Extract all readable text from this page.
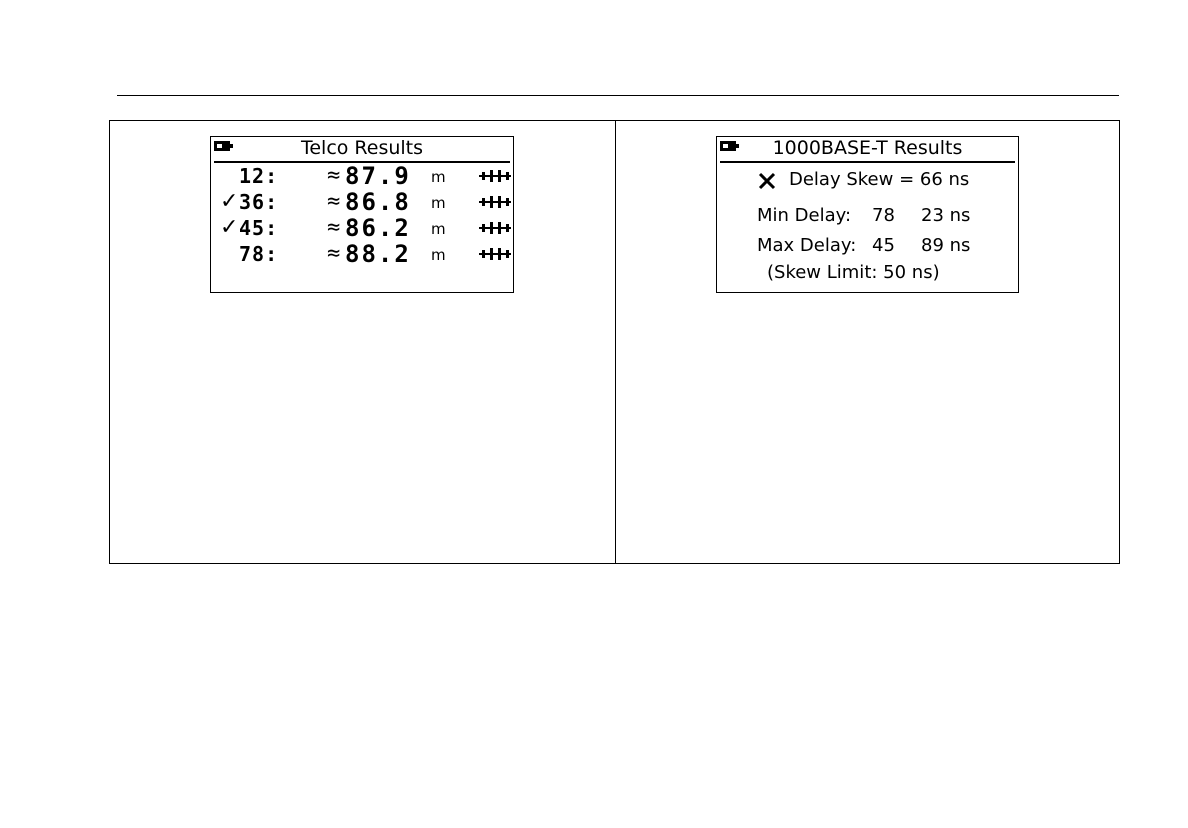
Telco Results
12: ≈ 87.9 m
✓ 36: ≈ 86.8 m
✓ 45: ≈ 86.2 m
78: ≈ 88.2 m
1000BASE-T Results
Delay Skew = 66 ns
Min Delay: 78 23 ns
Max Delay: 45 89 ns
(Skew Limit: 50 ns)
